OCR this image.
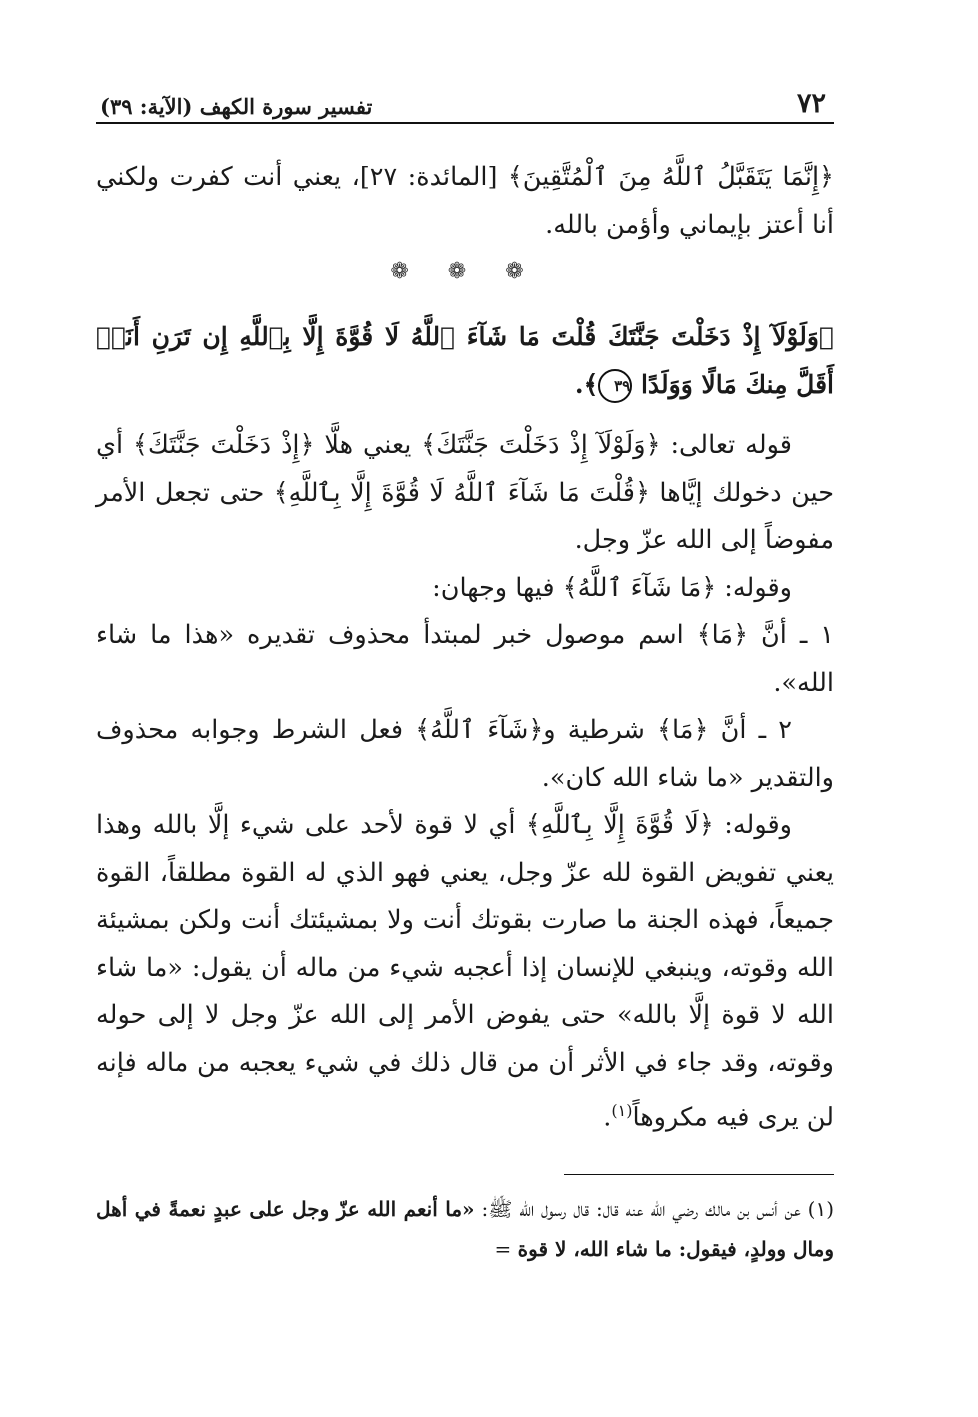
٧٢
تفسير سورة الكهف (الآية: ٣٩)

﴿إِنَّمَا يَتَقَبَّلُ ٱللَّهُ مِنَ ٱلْمُتَّقِينَ﴾ [المائدة: ٢٧]، يعني أنت كفرت ولكني أنا أعتز بإيماني وأؤمن بالله.

❁ ❁ ❁

﴿وَلَوْلَآ إِذْ دَخَلْتَ جَنَّتَكَ قُلْتَ مَا شَآءَ ٱللَّهُ لَا قُوَّةَ إِلَّا بِٱللَّهِ إِن تَرَنِ أَنَا۠ أَقَلَّ مِنكَ مَالًا وَوَلَدًا ٣٩﴾.

قوله تعالى: ﴿وَلَوْلَآ إِذْ دَخَلْتَ جَنَّتَكَ﴾ يعني هلَّا ﴿إِذْ دَخَلْتَ جَنَّتَكَ﴾ أي حين دخولك إيَّاها ﴿قُلْتَ مَا شَآءَ ٱللَّهُ لَا قُوَّةَ إِلَّا بِٱللَّهِ﴾ حتى تجعل الأمر مفوضاً إلى الله عزّ وجل.

وقوله: ﴿مَا شَآءَ ٱللَّهُ﴾ فيها وجهان:

١ ـ أنَّ ﴿مَا﴾ اسم موصول خبر لمبتدأ محذوف تقديره «هذا ما شاء الله».

٢ ـ أنَّ ﴿مَا﴾ شرطية و﴿شَآءَ ٱللَّهُ﴾ فعل الشرط وجوابه محذوف والتقدير «ما شاء الله كان».

وقوله: ﴿لَا قُوَّةَ إِلَّا بِٱللَّهِ﴾ أي لا قوة لأحد على شيء إلَّا بالله وهذا يعني تفويض القوة لله عزّ وجل، يعني فهو الذي له القوة مطلقاً، القوة جميعاً، فهذه الجنة ما صارت بقوتك أنت ولا بمشيئتك أنت ولكن بمشيئة الله وقوته، وينبغي للإنسان إذا أعجبه شيء من ماله أن يقول: «ما شاء الله لا قوة إلَّا بالله» حتى يفوض الأمر إلى الله عزّ وجل لا إلى حوله وقوته، وقد جاء في الأثر أن من قال ذلك في شيء يعجبه من ماله فإنه لن يرى فيه مكروهاً$^{(١)}$.

(١) عن أنس بن مالك رضي الله عنه قال: قال رسول الله ﷺ: «ما أنعم الله عزّ وجل على عبدٍ نعمةً في أهل ومال وولدٍ، فيقول: ما شاء الله، لا قوة =
